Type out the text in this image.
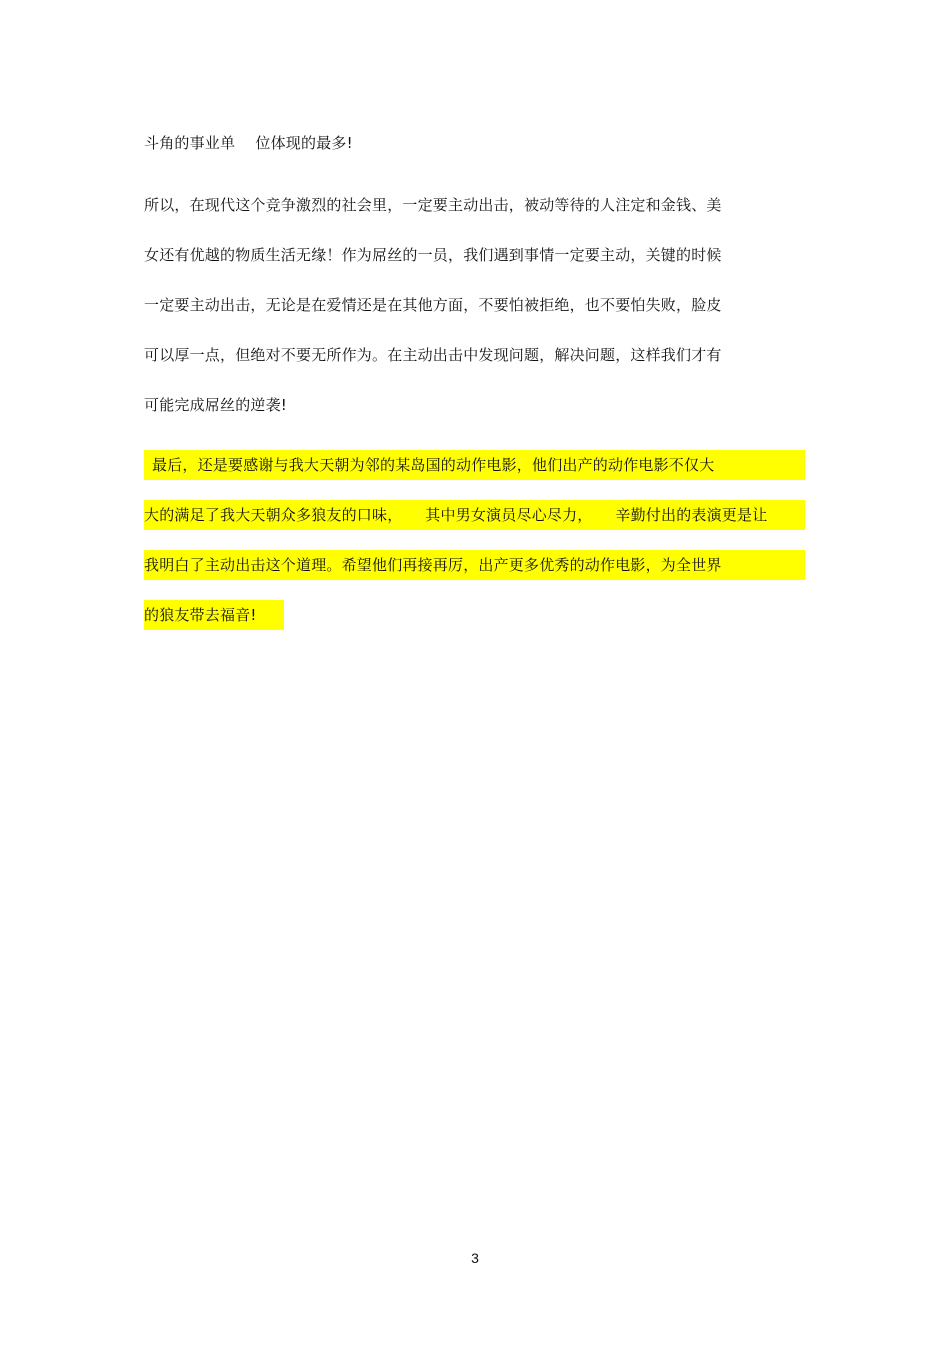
斗角的事业单　 位体现的最多!
所以，在现代这个竞争激烈的社会里，一定要主动出击，被动等待的人注定和金钱、美
女还有优越的物质生活无缘！作为屌丝的一员，我们遇到事情一定要主动，关键的时候
一定要主动出击，无论是在爱情还是在其他方面，不要怕被拒绝，也不要怕失败，脸皮
可以厚一点，但绝对不要无所作为。在主动出击中发现问题，解决问题，这样我们才有
可能完成屌丝的逆袭!
最后，还是要感谢与我大天朝为邻的某岛国的动作电影，他们出产的动作电影不仅大
大的满足了我大天朝众多狼友的口味，　　其中男女演员尽心尽力，　　辛勤付出的表演更是让
我明白了主动出击这个道理。希望他们再接再厉，出产更多优秀的动作电影，为全世界
的狼友带去福音!
3
